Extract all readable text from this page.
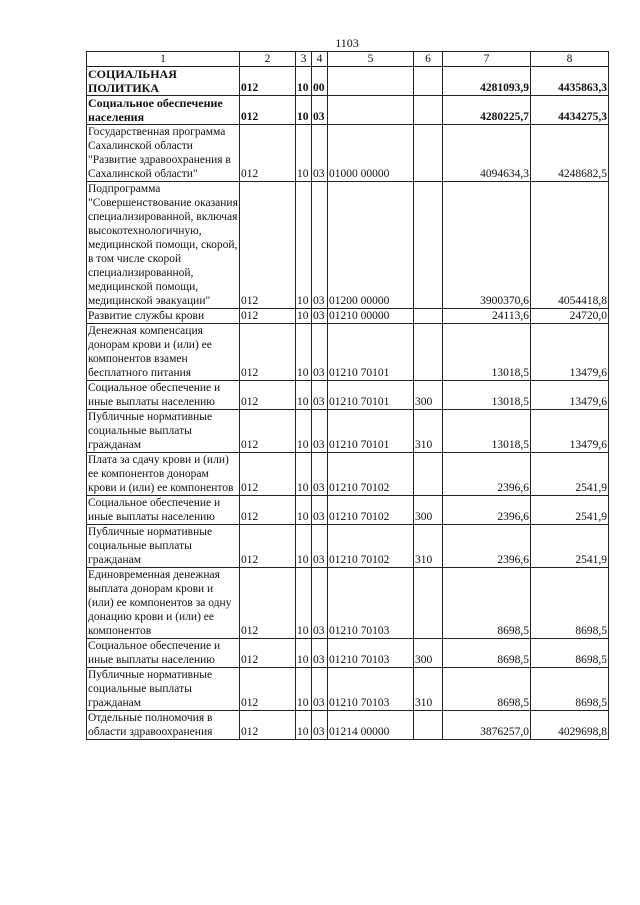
1103
1	2	3	4	5	6	7	8
СОЦИАЛЬНАЯ ПОЛИТИКА	012	10	00			4281093,9	4435863,3
Социальное обеспечение населения	012	10	03			4280225,7	4434275,3
Государственная программа Сахалинской области "Развитие здравоохранения в Сахалинской области"	012	10	03	01000 00000		4094634,3	4248682,5
Подпрограмма "Совершенствование оказания специализированной, включая высокотехнологичную, медицинской помощи, скорой, в том числе скорой специализированной, медицинской помощи, медицинской эвакуации"	012	10	03	01200 00000		3900370,6	4054418,8
Развитие службы крови	012	10	03	01210 00000		24113,6	24720,0
Денежная компенсация донорам крови и (или) ее компонентов взамен бесплатного питания	012	10	03	01210 70101		13018,5	13479,6
Социальное обеспечение и иные выплаты населению	012	10	03	01210 70101	300	13018,5	13479,6
Публичные нормативные социальные выплаты гражданам	012	10	03	01210 70101	310	13018,5	13479,6
Плата за сдачу крови и (или) ее компонентов донорам крови и (или) ее компонентов	012	10	03	01210 70102		2396,6	2541,9
Социальное обеспечение и иные выплаты населению	012	10	03	01210 70102	300	2396,6	2541,9
Публичные нормативные социальные выплаты гражданам	012	10	03	01210 70102	310	2396,6	2541,9
Единовременная денежная выплата донорам крови и (или) ее компонентов за одну донацию крови и (или) ее компонентов	012	10	03	01210 70103		8698,5	8698,5
Социальное обеспечение и иные выплаты населению	012	10	03	01210 70103	300	8698,5	8698,5
Публичные нормативные социальные выплаты гражданам	012	10	03	01210 70103	310	8698,5	8698,5
Отдельные полномочия в области здравоохранения	012	10	03	01214 00000		3876257,0	4029698,8
